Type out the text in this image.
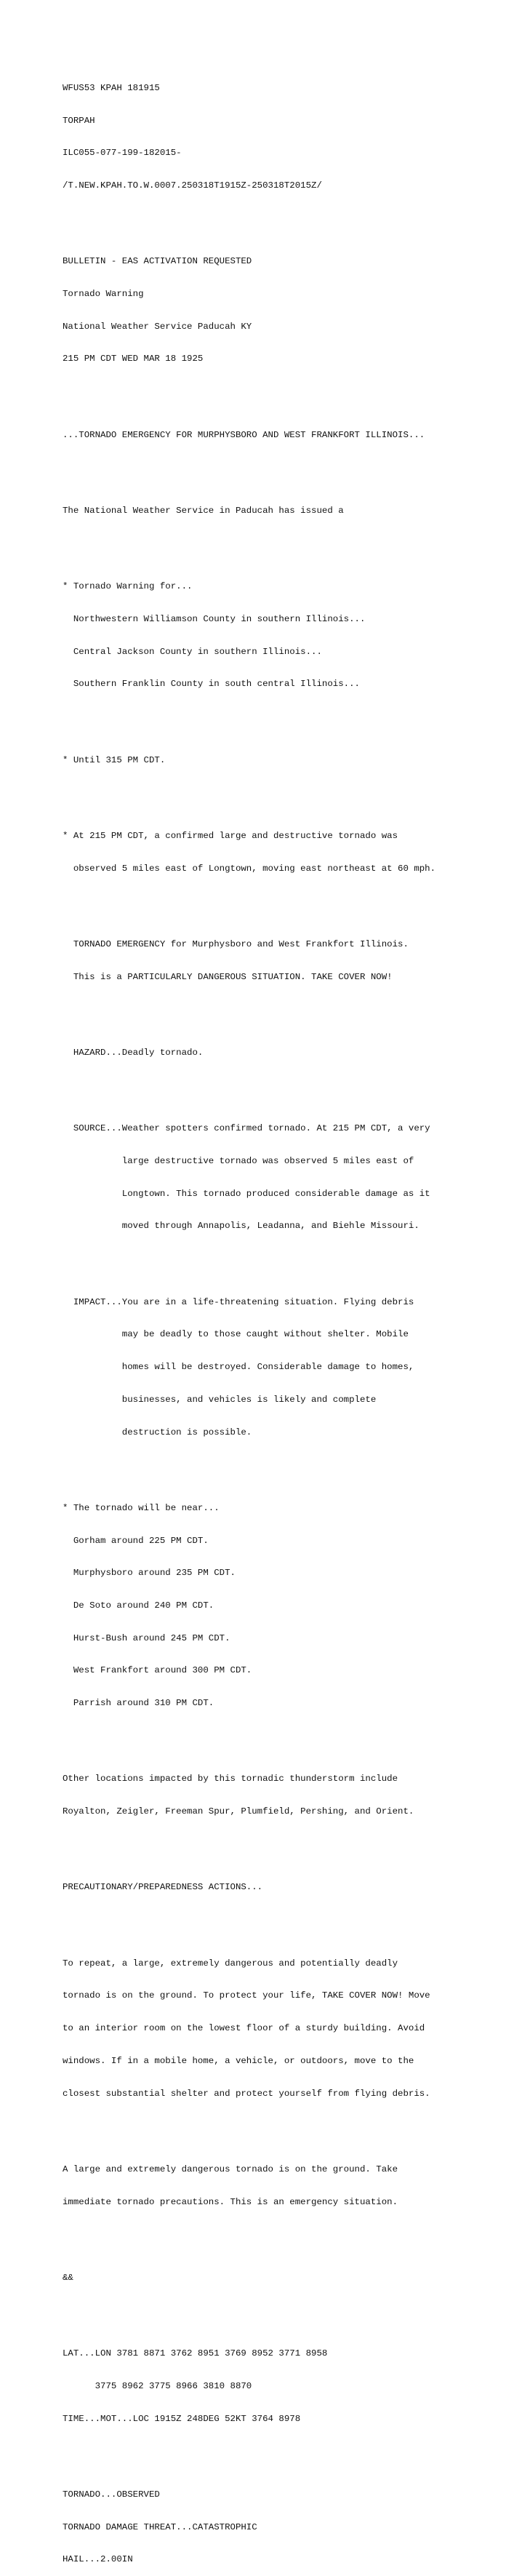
WFUS53 KPAH 181915

TORPAH

ILC055-077-199-182015-

/T.NEW.KPAH.TO.W.0007.250318T1915Z-250318T2015Z/

BULLETIN - EAS ACTIVATION REQUESTED

Tornado Warning

National Weather Service Paducah KY

215 PM CDT WED MAR 18 1925

...TORNADO EMERGENCY FOR MURPHYSBORO AND WEST FRANKFORT ILLINOIS...

The National Weather Service in Paducah has issued a

* Tornado Warning for...

Northwestern Williamson County in southern Illinois...

Central Jackson County in southern Illinois...

Southern Franklin County in south central Illinois...

* Until 315 PM CDT.

* At 215 PM CDT, a confirmed large and destructive tornado was

observed 5 miles east of Longtown, moving east northeast at 60 mph.

TORNADO EMERGENCY for Murphysboro and West Frankfort Illinois.

This is a PARTICULARLY DANGEROUS SITUATION. TAKE COVER NOW!

HAZARD...Deadly tornado.

SOURCE...Weather spotters confirmed tornado. At 215 PM CDT, a very

large destructive tornado was observed 5 miles east of

Longtown. This tornado produced considerable damage as it

moved through Annapolis, Leadanna, and Biehle Missouri.

IMPACT...You are in a life-threatening situation. Flying debris

may be deadly to those caught without shelter. Mobile

homes will be destroyed. Considerable damage to homes,

businesses, and vehicles is likely and complete

destruction is possible.

* The tornado will be near...

Gorham around 225 PM CDT.

Murphysboro around 235 PM CDT.

De Soto around 240 PM CDT.

Hurst-Bush around 245 PM CDT.

West Frankfort around 300 PM CDT.

Parrish around 310 PM CDT.

Other locations impacted by this tornadic thunderstorm include

Royalton, Zeigler, Freeman Spur, Plumfield, Pershing, and Orient.

PRECAUTIONARY/PREPAREDNESS ACTIONS...

To repeat, a large, extremely dangerous and potentially deadly

tornado is on the ground. To protect your life, TAKE COVER NOW! Move

to an interior room on the lowest floor of a sturdy building. Avoid

windows. If in a mobile home, a vehicle, or outdoors, move to the

closest substantial shelter and protect yourself from flying debris.

A large and extremely dangerous tornado is on the ground. Take

immediate tornado precautions. This is an emergency situation.

&&

LAT...LON 3781 8871 3762 8951 3769 8952 3771 8958

3775 8962 3775 8966 3810 8870

TIME...MOT...LOC 1915Z 248DEG 52KT 3764 8978

TORNADO...OBSERVED

TORNADO DAMAGE THREAT...CATASTROPHIC

HAIL...2.00IN
